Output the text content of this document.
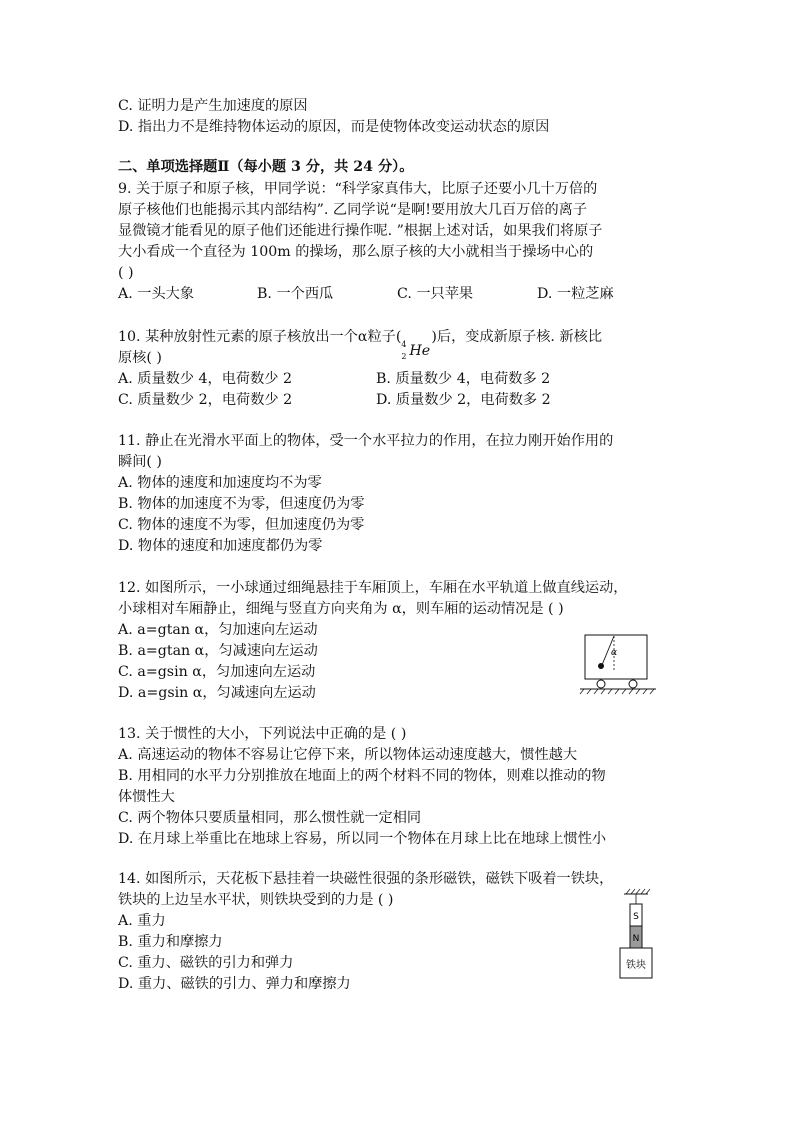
C. 证明力是产生加速度的原因
D. 指出力不是维持物体运动的原因，而是使物体改变运动状态的原因
二、单项选择题Ⅱ（每小题 3 分，共 24 分）。
9. 关于原子和原子核，甲同学说：“科学家真伟大，比原子还要小几十万倍的
原子核他们也能揭示其内部结构”. 乙同学说“是啊!要用放大几百万倍的离子
显微镜才能看见的原子他们还能进行操作呢. ”根据上述对话，如果我们将原子
大小看成一个直径为 100m 的操场，那么原子核的大小就相当于操场中心的
( )
A. 一头大象	B. 一个西瓜	C. 一只苹果	D. 一粒芝麻
10. 某种放射性元素的原子核放出一个α粒子( 4
2 He
)后，变成新原子核. 新核比
原核( )
A. 质量数少 4，电荷数少 2	B. 质量数少 4，电荷数多 2
C. 质量数少 2，电荷数少 2	D. 质量数少 2，电荷数多 2
11. 静止在光滑水平面上的物体，受一个水平拉力的作用，在拉力刚开始作用的
瞬间( )
A. 物体的速度和加速度均不为零
B. 物体的加速度不为零，但速度仍为零
C. 物体的速度不为零，但加速度仍为零
D. 物体的速度和加速度都仍为零
12. 如图所示，一小球通过细绳悬挂于车厢顶上，车厢在水平轨道上做直线运动，
小球相对车厢静止，细绳与竖直方向夹角为 α，则车厢的运动情况是 ( )
A. a=gtan α，匀加速向左运动
B. a=gtan α，匀减速向左运动
C. a=gsin α，匀加速向左运动
D. a=gsin α，匀减速向左运动
α
13. 关于惯性的大小，下列说法中正确的是 ( )
A. 高速运动的物体不容易让它停下来，所以物体运动速度越大，惯性越大
B. 用相同的水平力分别推放在地面上的两个材料不同的物体，则难以推动的物
体惯性大
C. 两个物体只要质量相同，那么惯性就一定相同
D. 在月球上举重比在地球上容易，所以同一个物体在月球上比在地球上惯性小
14. 如图所示，天花板下悬挂着一块磁性很强的条形磁铁，磁铁下吸着一铁块，
铁块的上边呈水平状，则铁块受到的力是 ( )
A. 重力
B. 重力和摩擦力
C. 重力、磁铁的引力和弹力
D. 重力、磁铁的引力、弹力和摩擦力
S
N
铁块
